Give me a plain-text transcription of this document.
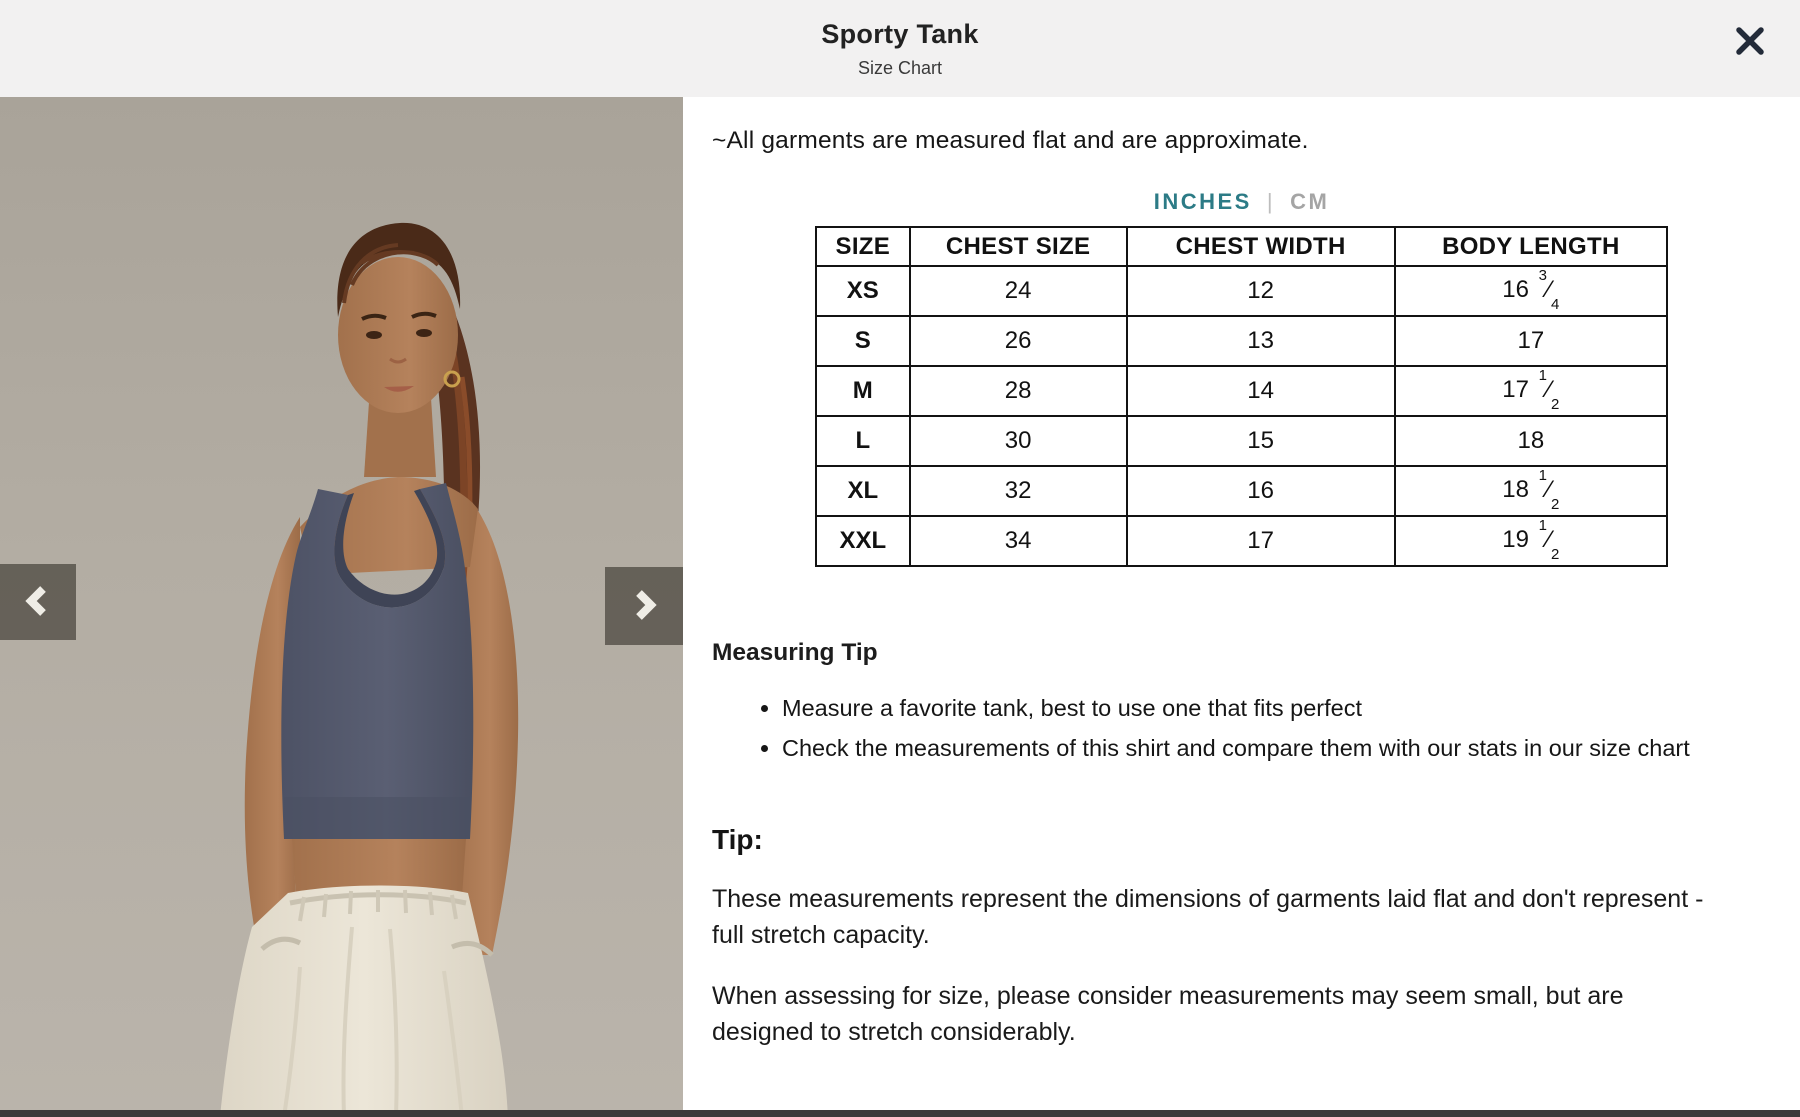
Sporty Tank
Size Chart
~All garments are measured flat and are approximate.
INCHES | CM
SIZE	CHEST SIZE	CHEST WIDTH	BODY LENGTH
XS	24	12	16 $^3⁄_4$
S	26	13	17
M	28	14	17 $^1⁄_2$
L	30	15	18
XL	32	16	18 $^1⁄_2$
XXL	34	17	19 $^1⁄_2$
Measuring Tip
• Measure a favorite tank, best to use one that fits perfect
• Check the measurements of this shirt and compare them with our stats in our size chart
Tip:

These measurements represent the dimensions of garments laid flat and don't represent - full stretch capacity.

When assessing for size, please consider measurements may seem small, but are designed to stretch considerably.
